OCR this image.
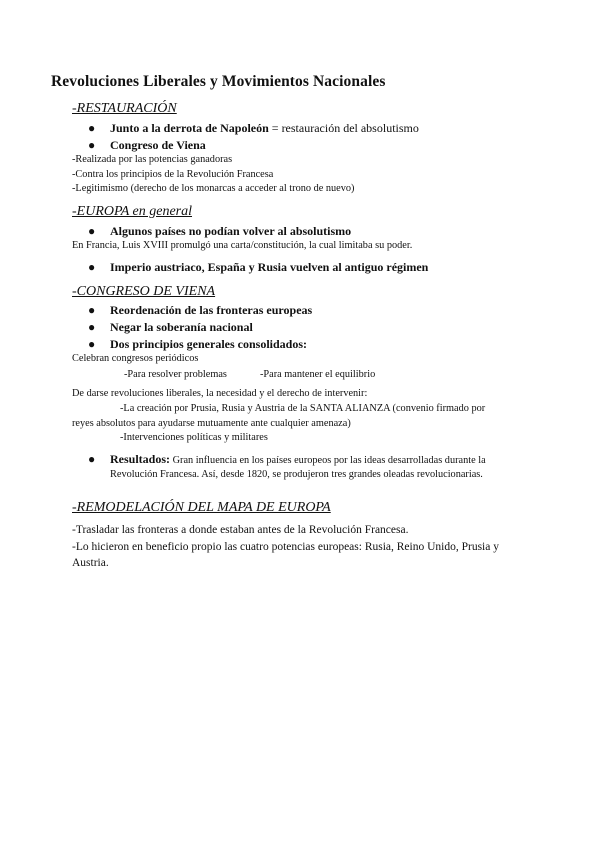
Revoluciones Liberales y Movimientos Nacionales
-RESTAURACIÓN
● Junto a la derrota de Napoleón = restauración del absolutismo
● Congreso de Viena
-Realizada por las potencias ganadoras
-Contra los principios de la Revolución Francesa
-Legitimismo (derecho de los monarcas a acceder al trono de nuevo)
-EUROPA en general
● Algunos países no podían volver al absolutismo
En Francia, Luis XVIII promulgó una carta/constitución, la cual limitaba su poder.
● Imperio austriaco, España y Rusia vuelven al antiguo régimen
-CONGRESO DE VIENA
● Reordenación de las fronteras europeas
● Negar la soberanía nacional
● Dos principios generales consolidados:
Celebran congresos periódicos
-Para resolver problemas	-Para mantener el equilibrio
De darse revoluciones liberales, la necesidad y el derecho de intervenir:
-La creación por Prusia, Rusia y Austria de la SANTA ALIANZA (convenio firmado por
reyes absolutos para ayudarse mutuamente ante cualquier amenaza)
-Intervenciones políticas y militares
● Resultados: Gran influencia en los países europeos por las ideas desarrolladas durante la
Revolución Francesa. Así, desde 1820, se produjeron tres grandes oleadas revolucionarias.
-REMODELACIÓN DEL MAPA DE EUROPA
-Trasladar las fronteras a donde estaban antes de la Revolución Francesa.
-Lo hicieron en beneficio propio las cuatro potencias europeas: Rusia, Reino Unido, Prusia y
Austria.
